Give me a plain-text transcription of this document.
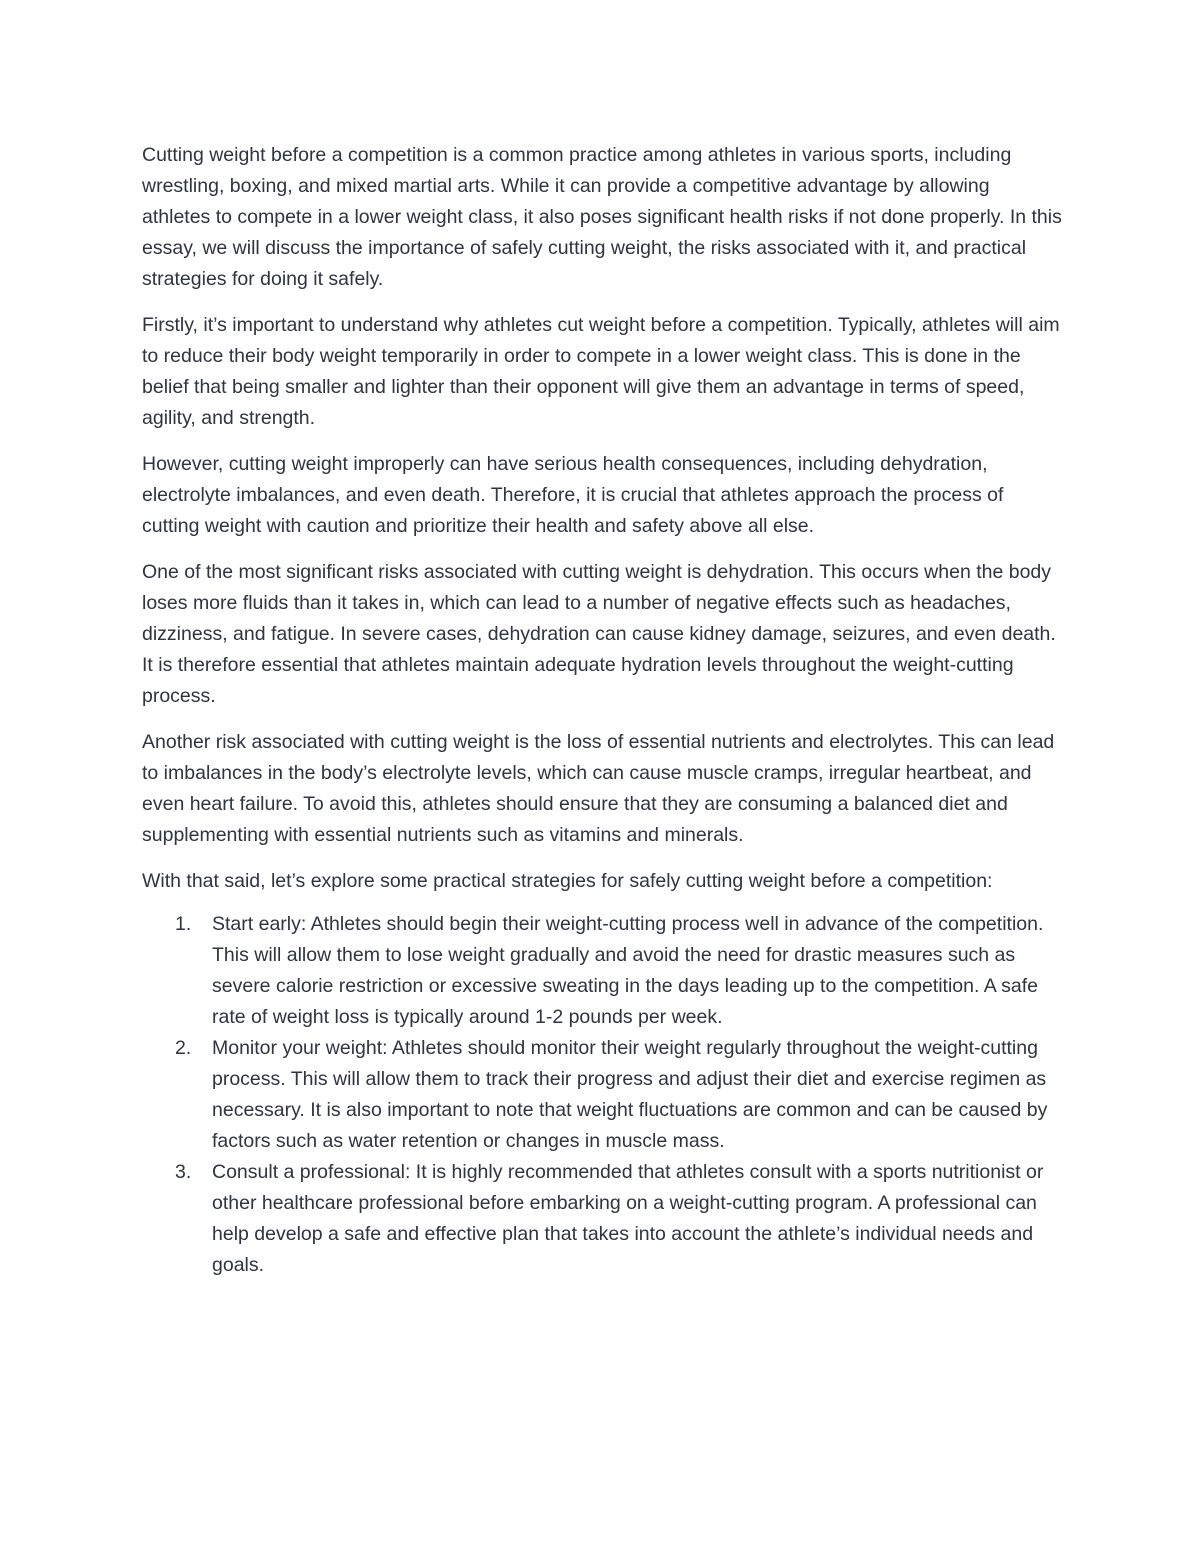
Cutting weight before a competition is a common practice among athletes in various sports, including wrestling, boxing, and mixed martial arts. While it can provide a competitive advantage by allowing athletes to compete in a lower weight class, it also poses significant health risks if not done properly. In this essay, we will discuss the importance of safely cutting weight, the risks associated with it, and practical strategies for doing it safely.

Firstly, it’s important to understand why athletes cut weight before a competition. Typically, athletes will aim to reduce their body weight temporarily in order to compete in a lower weight class. This is done in the belief that being smaller and lighter than their opponent will give them an advantage in terms of speed, agility, and strength.

However, cutting weight improperly can have serious health consequences, including dehydration, electrolyte imbalances, and even death. Therefore, it is crucial that athletes approach the process of cutting weight with caution and prioritize their health and safety above all else.

One of the most significant risks associated with cutting weight is dehydration. This occurs when the body loses more fluids than it takes in, which can lead to a number of negative effects such as headaches, dizziness, and fatigue. In severe cases, dehydration can cause kidney damage, seizures, and even death. It is therefore essential that athletes maintain adequate hydration levels throughout the weight-cutting process.

Another risk associated with cutting weight is the loss of essential nutrients and electrolytes. This can lead to imbalances in the body’s electrolyte levels, which can cause muscle cramps, irregular heartbeat, and even heart failure. To avoid this, athletes should ensure that they are consuming a balanced diet and supplementing with essential nutrients such as vitamins and minerals.

With that said, let’s explore some practical strategies for safely cutting weight before a competition:

1. Start early: Athletes should begin their weight-cutting process well in advance of the competition. This will allow them to lose weight gradually and avoid the need for drastic measures such as severe calorie restriction or excessive sweating in the days leading up to the competition. A safe rate of weight loss is typically around 1-2 pounds per week.
2. Monitor your weight: Athletes should monitor their weight regularly throughout the weight-cutting process. This will allow them to track their progress and adjust their diet and exercise regimen as necessary. It is also important to note that weight fluctuations are common and can be caused by factors such as water retention or changes in muscle mass.
3. Consult a professional: It is highly recommended that athletes consult with a sports nutritionist or other healthcare professional before embarking on a weight-cutting program. A professional can help develop a safe and effective plan that takes into account the athlete’s individual needs and goals.
